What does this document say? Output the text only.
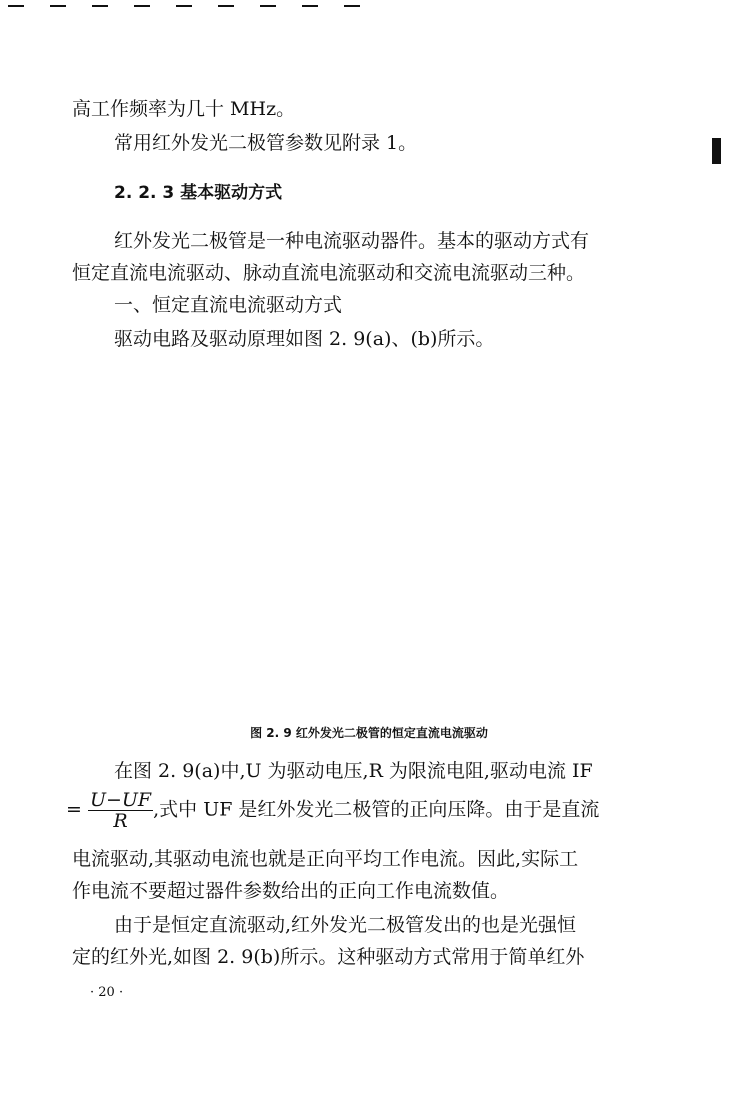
高工作频率为几十 MHz。
常用红外发光二极管参数见附录 1。
2. 2. 3 基本驱动方式
红外发光二极管是一种电流驱动器件。基本的驱动方式有
恒定直流电流驱动、脉动直流电流驱动和交流电流驱动三种。
一、恒定直流电流驱动方式
驱动电路及驱动原理如图 2. 9(a)、(b)所示。
图 2. 9 红外发光二极管的恒定直流电流驱动
在图 2. 9(a)中,U 为驱动电压,R 为限流电阻,驱动电流 IF
= $\frac{U-UF}{R}$ ,式中 UF 是红外发光二极管的正向压降。由于是直流
电流驱动,其驱动电流也就是正向平均工作电流。因此,实际工
作电流不要超过器件参数给出的正向工作电流数值。
由于是恒定直流驱动,红外发光二极管发出的也是光强恒
定的红外光,如图 2. 9(b)所示。这种驱动方式常用于简单红外
· 20 ·
